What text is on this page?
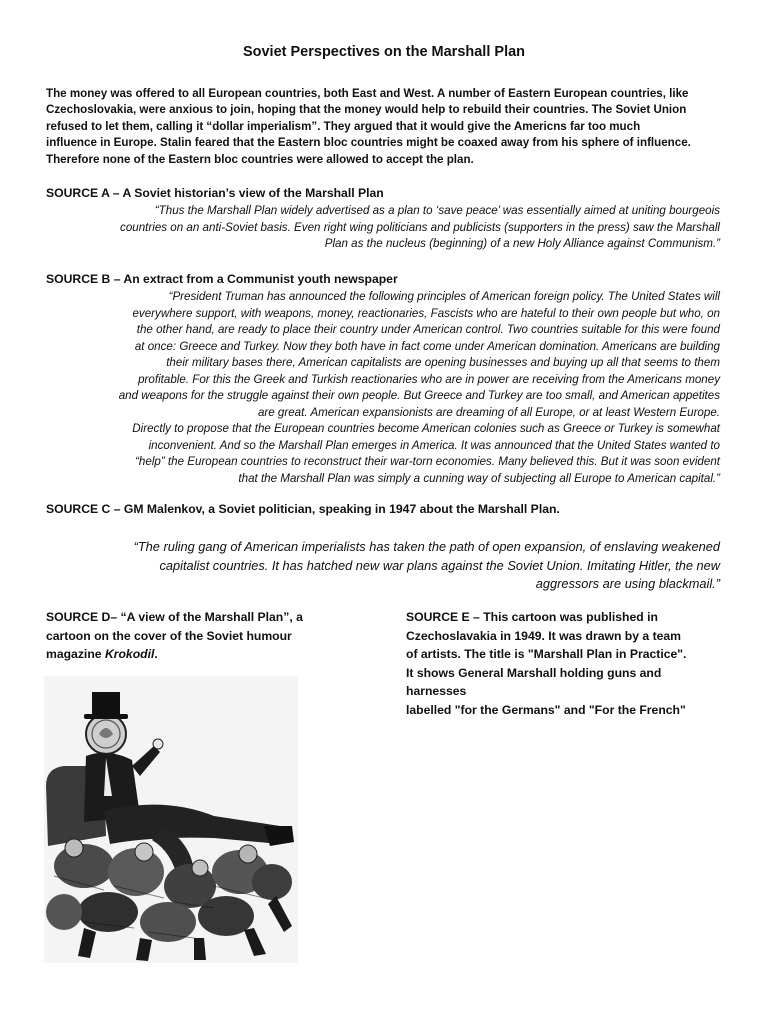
Soviet Perspectives on the Marshall Plan
The money was offered to all European countries, both East and West. A number of Eastern European countries, like
Czechoslovakia, were anxious to join, hoping that the money would help to rebuild their countries. The Soviet Union
refused to let them, calling it “dollar imperialism”. They argued that it would give the Americns far too much
influence in Europe. Stalin feared that the Eastern bloc countries might be coaxed away from his sphere of influence.
Therefore none of the Eastern bloc countries were allowed to accept the plan.
SOURCE A – A Soviet historian’s view of the Marshall Plan
“Thus the Marshall Plan widely advertised as a plan to ‘save peace’ was essentially aimed at uniting bourgeois
countries on an anti-Soviet basis. Even right wing politicians and publicists (supporters in the press) saw the Marshall
Plan as the nucleus (beginning) of a new Holy Alliance against Communism.”
SOURCE B – An extract from a Communist youth newspaper
“President Truman has announced the following principles of American foreign policy. The United States will
everywhere support, with weapons, money, reactionaries, Fascists who are hateful to their own people but who, on
the other hand, are ready to place their country under American control. Two countries suitable for this were found
at once: Greece and Turkey. Now they both have in fact come under American domination. Americans are building
their military bases there, American capitalists are opening businesses and buying up all that seems to them
profitable. For this the Greek and Turkish reactionaries who are in power are receiving from the Americans money
and weapons for the struggle against their own people. But Greece and Turkey are too small, and American appetites
are great. American expansionists are dreaming of all Europe, or at least Western Europe.
Directly to propose that the European countries become American colonies such as Greece or Turkey is somewhat
inconvenient. And so the Marshall Plan emerges in America. It was announced that the United States wanted to
“help” the European countries to reconstruct their war-torn economies. Many believed this. But it was soon evident
that the Marshall Plan was simply a cunning way of subjecting all Europe to American capital.”
SOURCE C – GM Malenkov, a Soviet politician, speaking in 1947 about the Marshall Plan.
“The ruling gang of American imperialists has taken the path of open expansion, of enslaving weakened
capitalist countries. It has hatched new war plans against the Soviet Union. Imitating Hitler, the new
aggressors are using blackmail.”
SOURCE D– “A view of the Marshall Plan”, a
cartoon on the cover of the Soviet humour
magazine Krokodil.
SOURCE E – This cartoon was published in
Czechoslavakia in 1949. It was drawn by a team
of artists. The title is "Marshall Plan in Practice".
It shows General Marshall holding guns and
harnesses
labelled "for the Germans" and "For the French"
